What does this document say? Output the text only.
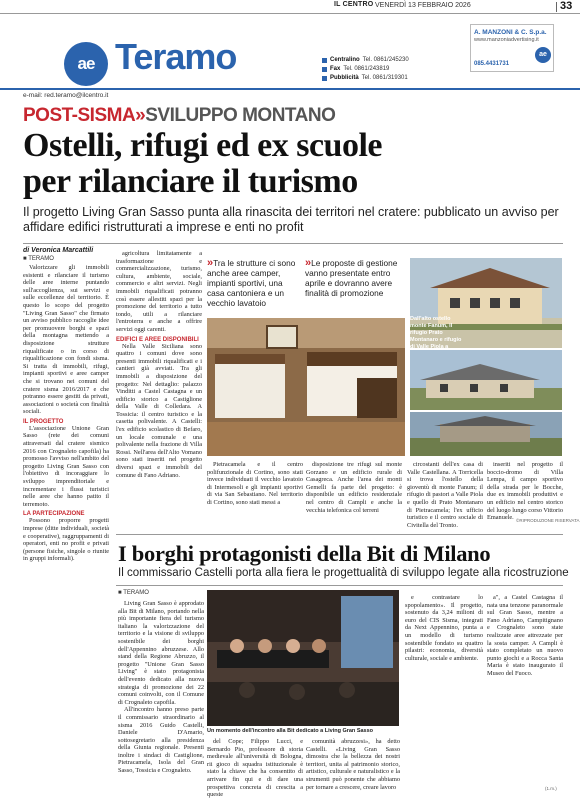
IL CENTRO VENERDÌ 13 FEBBRAIO 2026	33
ae Teramo	Centralino Tel. 0861/245230
Fax Tel. 0861/243819
Pubblicità Tel. 0861/319301
A. MANZONI & C. S.p.a.
www.manzoniadvertising.it
ae
085.4431731
e-mail: red.teramo@ilcentro.it
POST-SISMA»SVILUPPO MONTANO
Ostelli, rifugi ed ex scuole
per rilanciare il turismo
Il progetto Living Gran Sasso punta alla rinascita dei territori nel cratere: pubblicato un avviso per affidare edifici ristrutturati a imprese e enti no profit
di Veronica Marcattili
■ TERAMO

Valorizzare gli immobili esistenti e rilanciare il turismo delle aree interne puntando sull'accoglienza, sui servizi e sulle eccellenze del territorio. È questo lo scopo del progetto "Living Gran Sasso" che firmato un avviso pubblico raccoglie idee per promuovere borghi e spazi della montagna mettendo a disposizione strutture riqualificate o in corso di riqualificazione con fondi sisma. Si tratta di immobili, rifugi, impianti sportivi e aree camper che si trovano nei comuni del cratere sisma 2016/2017 e che potranno essere gestiti da privati, associazioni o società con finalità sociali.

IL PROGETTO

L'associazione Unione Gran Sasso (rete dei comuni attraversati dal cratere sismico 2016 con Crognaleto capofila) ha promosso l'avviso nell'ambito del progetto Living Gran Sasso con l'obiettivo di incoraggiare lo sviluppo imprenditoriale e incrementare i flussi turistici nelle aree che hanno patito il terremoto.

LA PARTECIPAZIONE

Possono proporre progetti imprese (ditte individuali, società e cooperative), raggruppamenti di operatori, enti no profit e privati (persone fisiche, singole o riunite in gruppi informali).

agricoltura limitatamente a trasformazione e commercializzazione, turismo, cultura, ambiente, sociale, commercio e altri servizi. Negli immobili riqualificati potranno così essere allestiti spazi per la promozione del territorio a tutto tondo, utili a rilanciare l'entroterra e anche a offrire servizi oggi carenti.

EDIFICI E AREE DISPONIBILI

Nella Valle Siciliana sono quattro i comuni dove sono presenti immobili riqualificati e i cantieri già avviati. Tra gli immobili a disposizione del progetto: Nel dettaglio: palazzo Vinditti a Castel Castagna e un edificio storico a Castiglione della Valle di Colledara. A Tossicia: il centro turistico e la casetta polivalente. A Castelli: l'ex edificio scolastico di Befaro, un locale comunale e una polivalente nella frazione di Villa Rossi. Nell'area dell'Alto Vomano sono stati inseriti nel progetto diversi spazi e immobili del comune di Fano Adriano.

»Tra le strutture ci sono anche aree camper, impianti sportivi, una casa cantoniera e un vecchio lavatoio
»Le proposte di gestione vanno presentate entro aprile e dovranno avere finalità di promozione
Dall'alto ostello monte Fanum, il rifugio Prato Montanaro e rifugio di Valle Piola a

Pietracamela e il centro polifunzionale di Cortino, sono stati invece individuati il vecchio lavatoio di Intermesoli e gli impianti sportivi di via San Sebastiano. Nel territorio di Cortino, sono stati messi a

disposizione tre rifugi sul monte Gorzano e un edificio rurale di Casagreca. Anche l'area dei monti Gemelli fa parte del progetto: è disponibile un edificio residenziale nel centro di Campli e anche la vecchia telefonica col terreni

circostanti dell'ex casa di Valle Castellana. A Torricella si trova l'ostello della gioventù di monte Fanum; il rifugio di pastori a Valle Piola e quello di Prato Montanaro di Pietracamela; l'ex ufficio turistico e il centro sociale di Civitella del Tronto.

inseriti nel progetto il boccio-dromo di Villa Lempa, il campo sportivo della strada per le Bocche, due ex immobili produttivi e un edificio nel centro storico del luogo lungo corso Vittorio Emanuele. ©RIPRODUZIONE RISERVATA
I borghi protagonisti della Bit di Milano
Il commissario Castelli porta alla fiera le progettualità di sviluppo legate alla ricostruzione
■ TERAMO

Living Gran Sasso è approdato alla Bit di Milano, portando nella più importante fiera del turismo italiano la valorizzazione del territorio e la visione di sviluppo sostenibile dei borghi dell'Appennino abruzzese. Allo stand della Regione Abruzzo, il progetto "Unione Gran Sasso Living" è stato protagonista dell'evento dedicato alla nuova strategia di promozione dei 22 comuni coinvolti, con il Comune di Crognaleto capofila.

All'incontro hanno preso parte il commissario straordinario al sisma 2016 Guido Castelli, Daniele D'Amario, sottosegretario alla presidenza della Giunta regionale. Presenti inoltre i sindaci di Castiglione, Pietracamela, Isola del Gran Sasso, Tossicia e Crognaleto.

Un momento dell'incontro alla Bit dedicato a Living Gran Sasso

del Cope; Filippo Lucci, e Bernardo Pio, professore di storia medievale all'università di Bologna, rii gioco di squadra istituzionale è stato la chiave che ha consentito di arrivare fin qui e di dare una prospettiva concreta di crescita a queste

comunità abruzzesi», ha detto Castelli. «Living Gran Sasso dimostra che la bellezza dei nostri territori, unita al patrimonio storico, artistico, culturale e naturalistico e la strumenti può ponente che abbiamo per tornare a crescere, creare lavoro

e contrastare lo spopolamento». Il progetto, sostenuto da 3,24 milioni di euro del CIS Sisma, integrati da Next Appennino, punta a un modello di turismo sostenibile fondato su quattro pilastri: economia, diversità culturale, sociale e ambiente.

a", a Castel Castagna il nata una tenzone paranormale sul Gran Sasso, mentre a Fano Adriano, Campitignano e Crognaleto sono state realizzate aree attrezzate per la sosta camper. A Campli è stato completato un nuovo punto giochi e a Rocca Santa Maria è stato inaugurato il Museo del Fuoco.

(1.m.)
